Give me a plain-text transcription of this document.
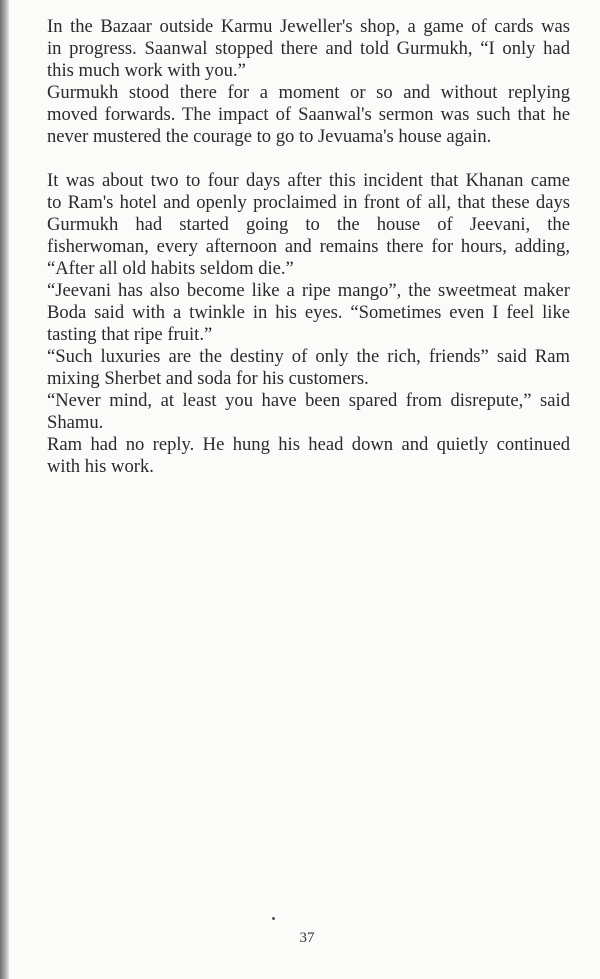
In the Bazaar outside Karmu Jeweller's shop, a game of cards was
in progress. Saanwal stopped there and told Gurmukh, “I only had
this much work with you.”
Gurmukh stood there for a moment or so and without replying
moved forwards. The impact of Saanwal's sermon was such that he
never mustered the courage to go to Jevuama's house again.
It was about two to four days after this incident that Khanan came
to Ram's hotel and openly proclaimed in front of all, that these days
Gurmukh had started going to the house of Jeevani, the
fisherwoman, every afternoon and remains there for hours, adding,
“After all old habits seldom die.”
“Jeevani has also become like a ripe mango”, the sweetmeat maker
Boda said with a twinkle in his eyes. “Sometimes even I feel like
tasting that ripe fruit.”
“Such luxuries are the destiny of only the rich, friends” said Ram
mixing Sherbet and soda for his customers.
“Never mind, at least you have been spared from disrepute,” said
Shamu.
Ram had no reply. He hung his head down and quietly continued
with his work.
37
